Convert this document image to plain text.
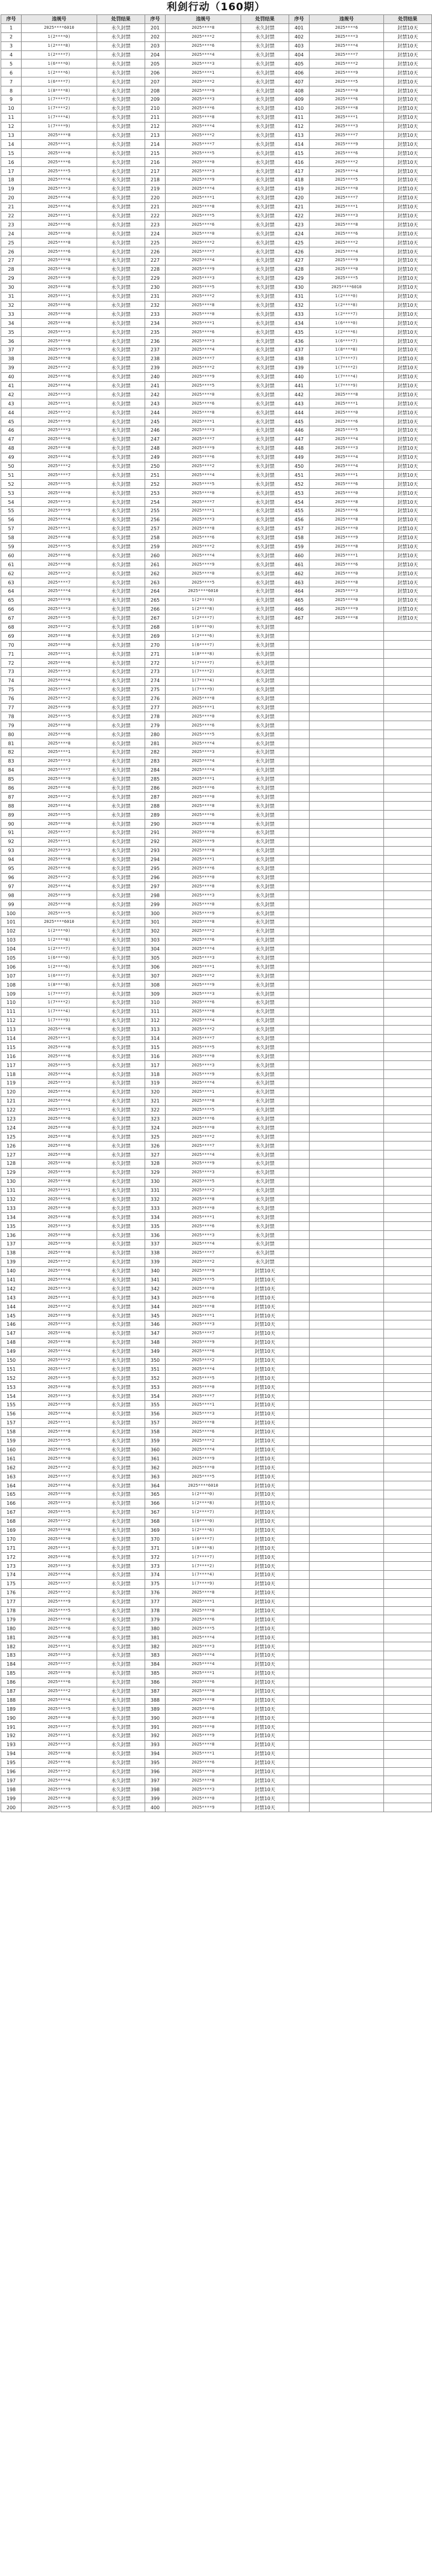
利剑行动（160期）
序号	违规号	处罚结果	序号	违规号	处罚结果	序号	违规号	处罚结果
1	2025****6010	永久封禁	201	2025****8	永久封禁	401	2025****6	封禁10天
2	1(2****0)	永久封禁	202	2025****2	永久封禁	402	2025****3	封禁10天
3	1(2****8)	永久封禁	203	2025****6	永久封禁	403	2025****4	封禁10天
4	1(2****7)	永久封禁	204	2025****4	永久封禁	404	2025****7	封禁10天
5	1(6****0)	永久封禁	205	2025****3	永久封禁	405	2025****2	封禁10天
6	1(2****6)	永久封禁	206	2025****1	永久封禁	406	2025****9	封禁10天
7	1(6****7)	永久封禁	207	2025****2	永久封禁	407	2025****5	封禁10天
8	1(8****8)	永久封禁	208	2025****9	永久封禁	408	2025****0	封禁10天
9	1(7****7)	永久封禁	209	2025****3	永久封禁	409	2025****6	封禁10天
10	1(7****2)	永久封禁	210	2025****6	永久封禁	410	2025****8	封禁10天
11	1(7****4)	永久封禁	211	2025****8	永久封禁	411	2025****1	封禁10天
12	1(7****9)	永久封禁	212	2025****4	永久封禁	412	2025****3	封禁10天
13	2025****8	永久封禁	213	2025****2	永久封禁	413	2025****7	封禁10天
14	2025****1	永久封禁	214	2025****7	永久封禁	414	2025****9	封禁10天
15	2025****0	永久封禁	215	2025****5	永久封禁	415	2025****6	封禁10天
16	2025****6	永久封禁	216	2025****0	永久封禁	416	2025****2	封禁10天
17	2025****5	永久封禁	217	2025****3	永久封禁	417	2025****4	封禁10天
18	2025****4	永久封禁	218	2025****9	永久封禁	418	2025****5	封禁10天
19	2025****3	永久封禁	219	2025****4	永久封禁	419	2025****0	封禁10天
20	2025****4	永久封禁	220	2025****1	永久封禁	420	2025****7	封禁10天
21	2025****4	永久封禁	221	2025****8	永久封禁	421	2025****1	封禁10天
22	2025****1	永久封禁	222	2025****5	永久封禁	422	2025****3	封禁10天
23	2025****6	永久封禁	223	2025****6	永久封禁	423	2025****8	封禁10天
24	2025****0	永久封禁	224	2025****0	永久封禁	424	2025****6	封禁10天
25	2025****8	永久封禁	225	2025****2	永久封禁	425	2025****2	封禁10天
26	2025****6	永久封禁	226	2025****7	永久封禁	426	2025****4	封禁10天
27	2025****8	永久封禁	227	2025****4	永久封禁	427	2025****9	封禁10天
28	2025****0	永久封禁	228	2025****9	永久封禁	428	2025****0	封禁10天
29	2025****9	永久封禁	229	2025****3	永久封禁	429	2025****5	封禁10天
30	2025****8	永久封禁	230	2025****5	永久封禁	430	2025****6010	封禁10天
31	2025****1	永久封禁	231	2025****2	永久封禁	431	1(2****0)	封禁10天
32	2025****6	永久封禁	232	2025****8	永久封禁	432	1(2****8)	封禁10天
33	2025****0	永久封禁	233	2025****0	永久封禁	433	1(2****7)	封禁10天
34	2025****8	永久封禁	234	2025****1	永久封禁	434	1(6****0)	封禁10天
35	2025****3	永久封禁	235	2025****6	永久封禁	435	1(2****6)	封禁10天
36	2025****0	永久封禁	236	2025****3	永久封禁	436	1(6****7)	封禁10天
37	2025****9	永久封禁	237	2025****4	永久封禁	437	1(8****8)	封禁10天
38	2025****8	永久封禁	238	2025****7	永久封禁	438	1(7****7)	封禁10天
39	2025****2	永久封禁	239	2025****2	永久封禁	439	1(7****2)	封禁10天
40	2025****6	永久封禁	240	2025****9	永久封禁	440	1(7****4)	封禁10天
41	2025****4	永久封禁	241	2025****5	永久封禁	441	1(7****9)	封禁10天
42	2025****3	永久封禁	242	2025****0	永久封禁	442	2025****8	封禁10天
43	2025****1	永久封禁	243	2025****6	永久封禁	443	2025****1	封禁10天
44	2025****2	永久封禁	244	2025****8	永久封禁	444	2025****0	封禁10天
45	2025****9	永久封禁	245	2025****1	永久封禁	445	2025****6	封禁10天
46	2025****3	永久封禁	246	2025****3	永久封禁	446	2025****5	封禁10天
47	2025****6	永久封禁	247	2025****7	永久封禁	447	2025****4	封禁10天
48	2025****8	永久封禁	248	2025****9	永久封禁	448	2025****3	封禁10天
49	2025****4	永久封禁	249	2025****6	永久封禁	449	2025****4	封禁10天
50	2025****2	永久封禁	250	2025****2	永久封禁	450	2025****4	封禁10天
51	2025****7	永久封禁	251	2025****4	永久封禁	451	2025****1	封禁10天
52	2025****5	永久封禁	252	2025****5	永久封禁	452	2025****6	封禁10天
53	2025****0	永久封禁	253	2025****0	永久封禁	453	2025****0	封禁10天
54	2025****3	永久封禁	254	2025****7	永久封禁	454	2025****8	封禁10天
55	2025****9	永久封禁	255	2025****1	永久封禁	455	2025****6	封禁10天
56	2025****4	永久封禁	256	2025****3	永久封禁	456	2025****8	封禁10天
57	2025****1	永久封禁	257	2025****8	永久封禁	457	2025****0	封禁10天
58	2025****8	永久封禁	258	2025****6	永久封禁	458	2025****9	封禁10天
59	2025****5	永久封禁	259	2025****2	永久封禁	459	2025****8	封禁10天
60	2025****6	永久封禁	260	2025****4	永久封禁	460	2025****1	封禁10天
61	2025****0	永久封禁	261	2025****9	永久封禁	461	2025****6	封禁10天
62	2025****2	永久封禁	262	2025****0	永久封禁	462	2025****0	封禁10天
63	2025****7	永久封禁	263	2025****5	永久封禁	463	2025****8	封禁10天
64	2025****4	永久封禁	264	2025****6010	永久封禁	464	2025****3	封禁10天
65	2025****9	永久封禁	265	1(2****0)	永久封禁	465	2025****0	封禁10天
66	2025****3	永久封禁	266	1(2****8)	永久封禁	466	2025****9	封禁10天
67	2025****5	永久封禁	267	1(2****7)	永久封禁	467	2025****8	封禁10天
68	2025****2	永久封禁	268	1(6****0)	永久封禁			
69	2025****8	永久封禁	269	1(2****6)	永久封禁			
70	2025****0	永久封禁	270	1(6****7)	永久封禁			
71	2025****1	永久封禁	271	1(8****8)	永久封禁			
72	2025****6	永久封禁	272	1(7****7)	永久封禁			
73	2025****3	永久封禁	273	1(7****2)	永久封禁			
74	2025****4	永久封禁	274	1(7****4)	永久封禁			
75	2025****7	永久封禁	275	1(7****9)	永久封禁			
76	2025****2	永久封禁	276	2025****8	永久封禁			
77	2025****9	永久封禁	277	2025****1	永久封禁			
78	2025****5	永久封禁	278	2025****0	永久封禁			
79	2025****0	永久封禁	279	2025****6	永久封禁			
80	2025****6	永久封禁	280	2025****5	永久封禁			
81	2025****8	永久封禁	281	2025****4	永久封禁			
82	2025****1	永久封禁	282	2025****3	永久封禁			
83	2025****3	永久封禁	283	2025****4	永久封禁			
84	2025****7	永久封禁	284	2025****4	永久封禁			
85	2025****9	永久封禁	285	2025****1	永久封禁			
86	2025****6	永久封禁	286	2025****6	永久封禁			
87	2025****2	永久封禁	287	2025****0	永久封禁			
88	2025****4	永久封禁	288	2025****8	永久封禁			
89	2025****5	永久封禁	289	2025****6	永久封禁			
90	2025****0	永久封禁	290	2025****8	永久封禁			
91	2025****7	永久封禁	291	2025****0	永久封禁			
92	2025****1	永久封禁	292	2025****9	永久封禁			
93	2025****3	永久封禁	293	2025****8	永久封禁			
94	2025****8	永久封禁	294	2025****1	永久封禁			
95	2025****6	永久封禁	295	2025****6	永久封禁			
96	2025****2	永久封禁	296	2025****0	永久封禁			
97	2025****4	永久封禁	297	2025****8	永久封禁			
98	2025****9	永久封禁	298	2025****3	永久封禁			
99	2025****0	永久封禁	299	2025****0	永久封禁			
100	2025****5	永久封禁	300	2025****9	永久封禁			
101	2025****6010	永久封禁	301	2025****8	永久封禁			
102	1(2****0)	永久封禁	302	2025****2	永久封禁			
103	1(2****8)	永久封禁	303	2025****6	永久封禁			
104	1(2****7)	永久封禁	304	2025****4	永久封禁			
105	1(6****0)	永久封禁	305	2025****3	永久封禁			
106	1(2****6)	永久封禁	306	2025****1	永久封禁			
107	1(6****7)	永久封禁	307	2025****2	永久封禁			
108	1(8****8)	永久封禁	308	2025****9	永久封禁			
109	1(7****7)	永久封禁	309	2025****3	永久封禁			
110	1(7****2)	永久封禁	310	2025****6	永久封禁			
111	1(7****4)	永久封禁	311	2025****8	永久封禁			
112	1(7****9)	永久封禁	312	2025****4	永久封禁			
113	2025****8	永久封禁	313	2025****2	永久封禁			
114	2025****1	永久封禁	314	2025****7	永久封禁			
115	2025****0	永久封禁	315	2025****5	永久封禁			
116	2025****6	永久封禁	316	2025****0	永久封禁			
117	2025****5	永久封禁	317	2025****3	永久封禁			
118	2025****4	永久封禁	318	2025****9	永久封禁			
119	2025****3	永久封禁	319	2025****4	永久封禁			
120	2025****4	永久封禁	320	2025****1	永久封禁			
121	2025****4	永久封禁	321	2025****8	永久封禁			
122	2025****1	永久封禁	322	2025****5	永久封禁			
123	2025****6	永久封禁	323	2025****6	永久封禁			
124	2025****0	永久封禁	324	2025****0	永久封禁			
125	2025****8	永久封禁	325	2025****2	永久封禁			
126	2025****6	永久封禁	326	2025****7	永久封禁			
127	2025****8	永久封禁	327	2025****4	永久封禁			
128	2025****0	永久封禁	328	2025****9	永久封禁			
129	2025****9	永久封禁	329	2025****3	永久封禁			
130	2025****8	永久封禁	330	2025****5	永久封禁			
131	2025****1	永久封禁	331	2025****2	永久封禁			
132	2025****6	永久封禁	332	2025****8	永久封禁			
133	2025****0	永久封禁	333	2025****0	永久封禁			
134	2025****8	永久封禁	334	2025****1	永久封禁			
135	2025****3	永久封禁	335	2025****6	永久封禁			
136	2025****0	永久封禁	336	2025****3	永久封禁			
137	2025****9	永久封禁	337	2025****4	永久封禁			
138	2025****8	永久封禁	338	2025****7	永久封禁			
139	2025****2	永久封禁	339	2025****2	永久封禁			
140	2025****6	永久封禁	340	2025****9	封禁10天			
141	2025****4	永久封禁	341	2025****5	封禁10天			
142	2025****3	永久封禁	342	2025****0	封禁10天			
143	2025****1	永久封禁	343	2025****6	封禁10天			
144	2025****2	永久封禁	344	2025****8	封禁10天			
145	2025****9	永久封禁	345	2025****1	封禁10天			
146	2025****3	永久封禁	346	2025****3	封禁10天			
147	2025****6	永久封禁	347	2025****7	封禁10天			
148	2025****8	永久封禁	348	2025****9	封禁10天			
149	2025****4	永久封禁	349	2025****6	封禁10天			
150	2025****2	永久封禁	350	2025****2	封禁10天			
151	2025****7	永久封禁	351	2025****4	封禁10天			
152	2025****5	永久封禁	352	2025****5	封禁10天			
153	2025****0	永久封禁	353	2025****0	封禁10天			
154	2025****3	永久封禁	354	2025****7	封禁10天			
155	2025****9	永久封禁	355	2025****1	封禁10天			
156	2025****4	永久封禁	356	2025****3	封禁10天			
157	2025****1	永久封禁	357	2025****8	封禁10天			
158	2025****8	永久封禁	358	2025****6	封禁10天			
159	2025****5	永久封禁	359	2025****2	封禁10天			
160	2025****6	永久封禁	360	2025****4	封禁10天			
161	2025****0	永久封禁	361	2025****9	封禁10天			
162	2025****2	永久封禁	362	2025****0	封禁10天			
163	2025****7	永久封禁	363	2025****5	封禁10天			
164	2025****4	永久封禁	364	2025****6010	封禁10天			
165	2025****9	永久封禁	365	1(2****0)	封禁10天			
166	2025****3	永久封禁	366	1(2****8)	封禁10天			
167	2025****5	永久封禁	367	1(2****7)	封禁10天			
168	2025****2	永久封禁	368	1(6****0)	封禁10天			
169	2025****8	永久封禁	369	1(2****6)	封禁10天			
170	2025****0	永久封禁	370	1(6****7)	封禁10天			
171	2025****1	永久封禁	371	1(8****8)	封禁10天			
172	2025****6	永久封禁	372	1(7****7)	封禁10天			
173	2025****3	永久封禁	373	1(7****2)	封禁10天			
174	2025****4	永久封禁	374	1(7****4)	封禁10天			
175	2025****7	永久封禁	375	1(7****9)	封禁10天			
176	2025****2	永久封禁	376	2025****8	封禁10天			
177	2025****9	永久封禁	377	2025****1	封禁10天			
178	2025****5	永久封禁	378	2025****0	封禁10天			
179	2025****0	永久封禁	379	2025****6	封禁10天			
180	2025****6	永久封禁	380	2025****5	封禁10天			
181	2025****8	永久封禁	381	2025****4	封禁10天			
182	2025****1	永久封禁	382	2025****3	封禁10天			
183	2025****3	永久封禁	383	2025****4	封禁10天			
184	2025****7	永久封禁	384	2025****4	封禁10天			
185	2025****9	永久封禁	385	2025****1	封禁10天			
186	2025****6	永久封禁	386	2025****6	封禁10天			
187	2025****2	永久封禁	387	2025****0	封禁10天			
188	2025****4	永久封禁	388	2025****8	封禁10天			
189	2025****5	永久封禁	389	2025****6	封禁10天			
190	2025****0	永久封禁	390	2025****8	封禁10天			
191	2025****7	永久封禁	391	2025****0	封禁10天			
192	2025****1	永久封禁	392	2025****9	封禁10天			
193	2025****3	永久封禁	393	2025****8	封禁10天			
194	2025****8	永久封禁	394	2025****1	封禁10天			
195	2025****6	永久封禁	395	2025****6	封禁10天			
196	2025****2	永久封禁	396	2025****0	封禁10天			
197	2025****4	永久封禁	397	2025****8	封禁10天			
198	2025****9	永久封禁	398	2025****3	封禁10天			
199	2025****0	永久封禁	399	2025****0	封禁10天			
200	2025****5	永久封禁	400	2025****9	封禁10天			
